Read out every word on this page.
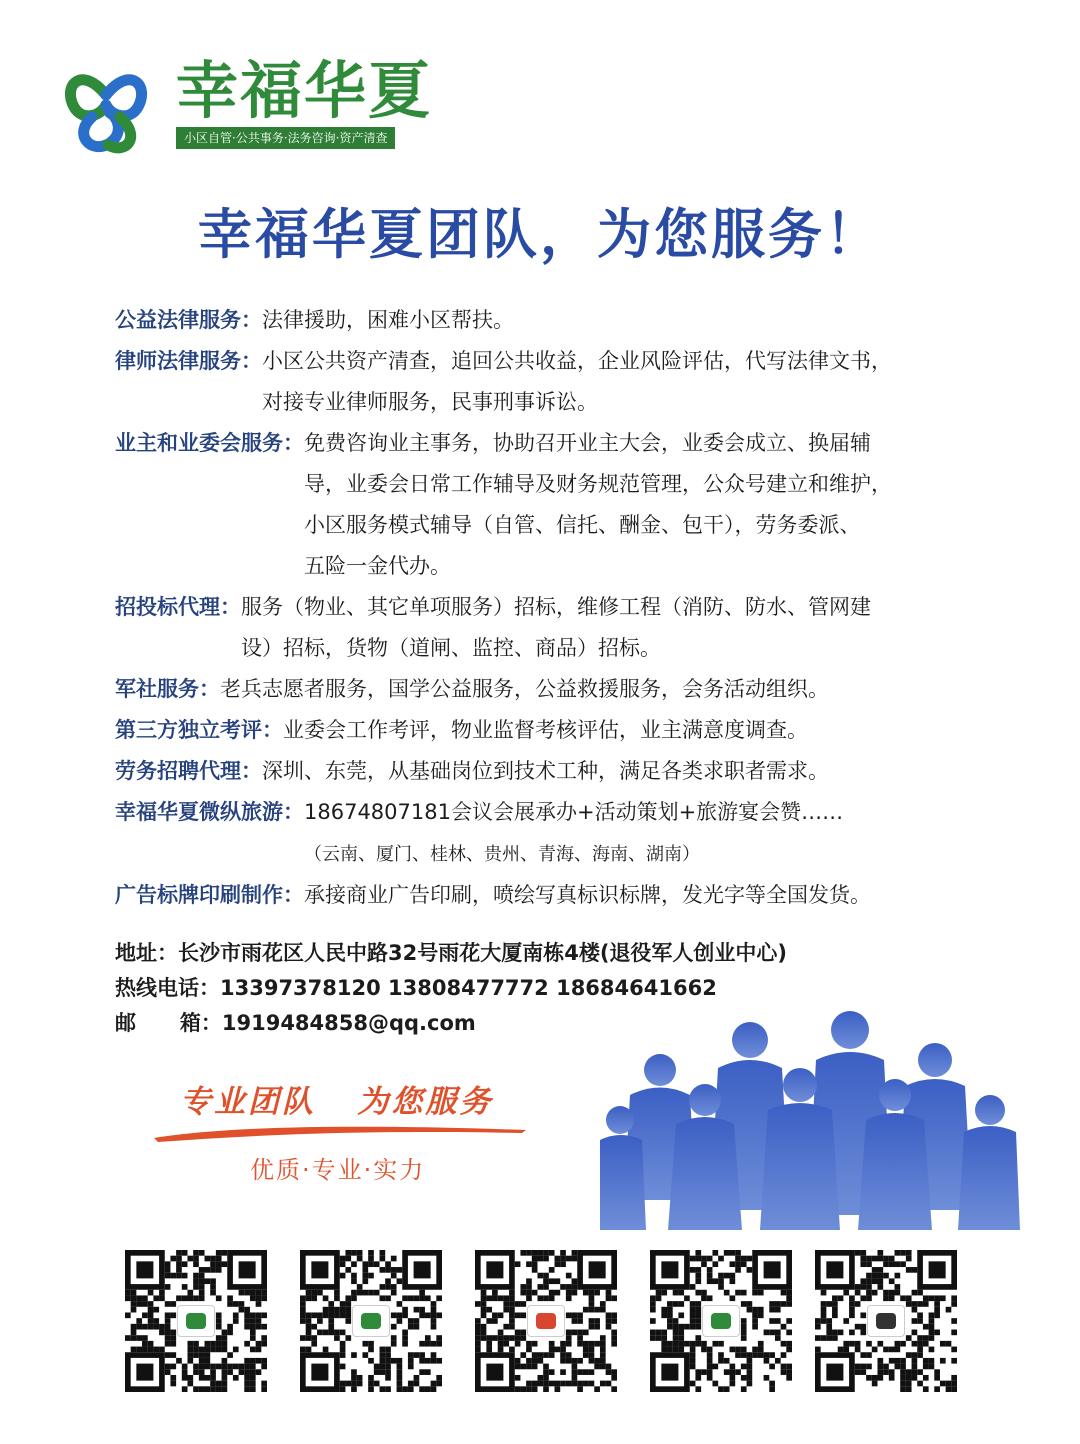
幸福华夏
小区自管·公共事务·法务咨询·资产清查
幸福华夏团队，为您服务！
公益法律服务： 法律援助，困难小区帮扶。
律师法律服务： 小区公共资产清查，追回公共收益，企业风险评估，代写法律文书，
对接专业律师服务，民事刑事诉讼。
业主和业委会服务： 免费咨询业主事务，协助召开业主大会，业委会成立、换届辅
导，业委会日常工作辅导及财务规范管理，公众号建立和维护，
小区服务模式辅导（自管、信托、酬金、包干），劳务委派、
五险一金代办。
招投标代理： 服务（物业、其它单项服务）招标，维修工程（消防、防水、管网建
设）招标，货物（道闸、监控、商品）招标。
军社服务： 老兵志愿者服务，国学公益服务，公益救援服务，会务活动组织。
第三方独立考评： 业委会工作考评，物业监督考核评估，业主满意度调查。
劳务招聘代理： 深圳、东莞，从基础岗位到技术工种，满足各类求职者需求。
幸福华夏微纵旅游： 18674807181会议会展承办+活动策划+旅游宴会赞……
（云南、厦门、桂林、贵州、青海、海南、湖南）
广告标牌印刷制作： 承接商业广告印刷，喷绘写真标识标牌，发光字等全国发货。
地址：长沙市雨花区人民中路32号雨花大厦南栋4楼(退役军人创业中心)
热线电话：13397378120 13808477772 18684641662
邮      箱：1919484858@qq.com
专业团队   为您服务
优质·专业·实力
